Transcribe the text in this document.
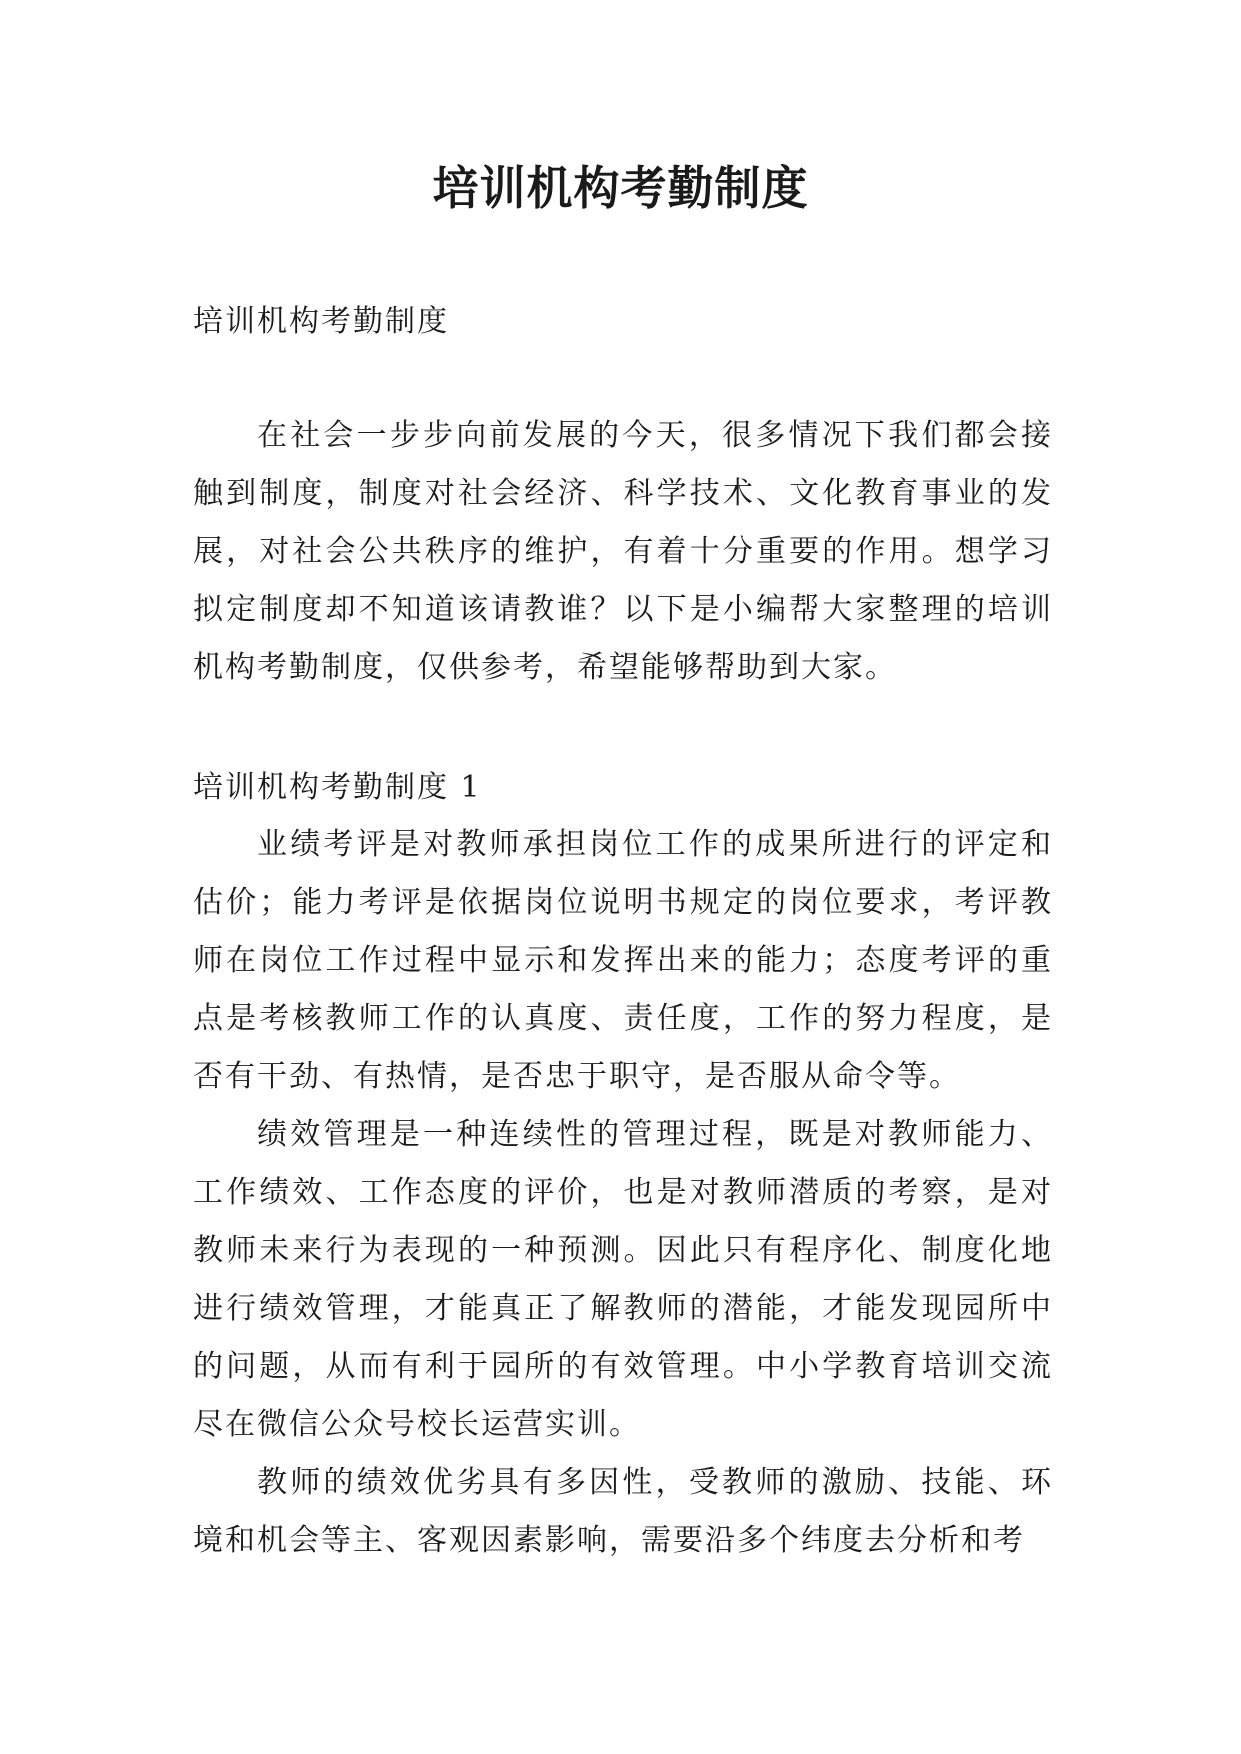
培训机构考勤制度

培训机构考勤制度

在社会一步步向前发展的今天，很多情况下我们都会接触到制度，制度对社会经济、科学技术、文化教育事业的发展，对社会公共秩序的维护，有着十分重要的作用。想学习拟定制度却不知道该请教谁？以下是小编帮大家整理的培训机构考勤制度，仅供参考，希望能够帮助到大家。

培训机构考勤制度 1

业绩考评是对教师承担岗位工作的成果所进行的评定和估价；能力考评是依据岗位说明书规定的岗位要求，考评教师在岗位工作过程中显示和发挥出来的能力；态度考评的重点是考核教师工作的认真度、责任度，工作的努力程度，是否有干劲、有热情，是否忠于职守，是否服从命令等。

绩效管理是一种连续性的管理过程，既是对教师能力、工作绩效、工作态度的评价，也是对教师潜质的考察，是对教师未来行为表现的一种预测。因此只有程序化、制度化地进行绩效管理，才能真正了解教师的潜能，才能发现园所中的问题，从而有利于园所的有效管理。中小学教育培训交流尽在微信公众号校长运营实训。

教师的绩效优劣具有多因性，受教师的激励、技能、环境和机会等主、客观因素影响，需要沿多个纬度去分析和考
